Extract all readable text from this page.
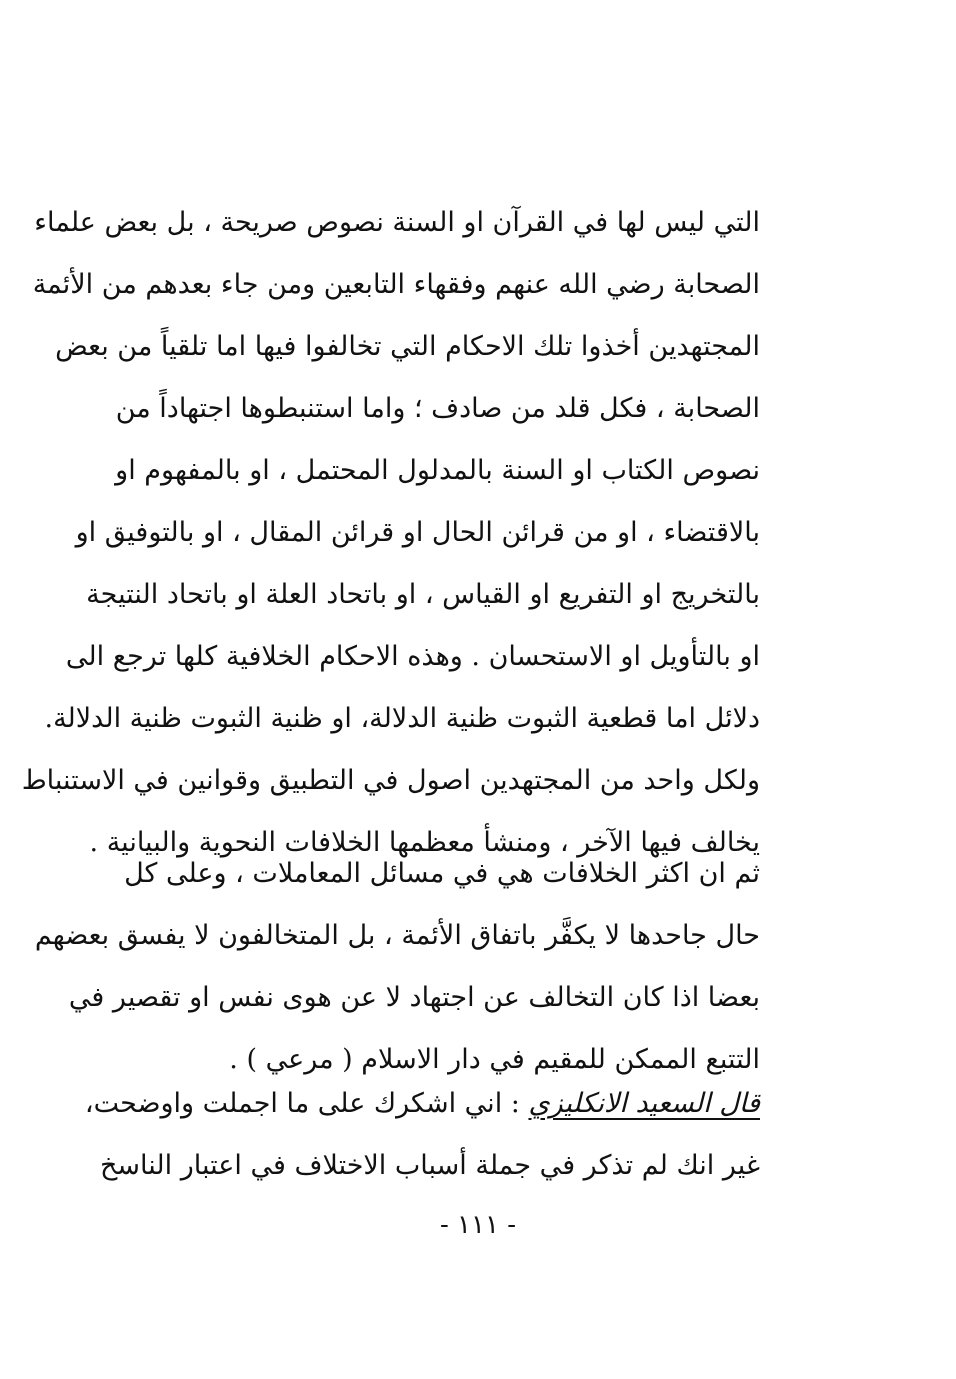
التي ليس لها في القرآن او السنة نصوص صريحة ، بل بعض علماء
الصحابة رضي الله عنهم وفقهاء التابعين ومن جاء بعدهم من الأئمة
المجتهدين أخذوا تلك الاحكام التي تخالفوا فيها اما تلقياً من بعض
الصحابة ، فكل قلد من صادف ؛ واما استنبطوها اجتهاداً من
نصوص الكتاب او السنة بالمدلول المحتمل ، او بالمفهوم او
بالاقتضاء ، او من قرائن الحال او قرائن المقال ، او بالتوفيق او
بالتخريج او التفريع او القياس ، او باتحاد العلة او باتحاد النتيجة
او بالتأويل او الاستحسان . وهذه الاحكام الخلافية كلها ترجع الى
دلائل اما قطعية الثبوت ظنية الدلالة، او ظنية الثبوت ظنية الدلالة.
ولكل واحد من المجتهدين اصول في التطبيق وقوانين في الاستنباط
يخالف فيها الآخر ، ومنشأ معظمها الخلافات النحوية والبيانية .
ثم ان اكثر الخلافات هي في مسائل المعاملات ، وعلى كل
حال جاحدها لا يكفَّر باتفاق الأئمة ، بل المتخالفون لا يفسق بعضهم
بعضا اذا كان التخالف عن اجتهاد لا عن هوى نفس او تقصير في
التتبع الممكن للمقيم في دار الاسلام ( مرعي ) .
قال السعيد الانكليزي : اني اشكرك على ما اجملت واوضحت،
غير انك لم تذكر في جملة أسباب الاختلاف في اعتبار الناسخ
- ١١١ -
